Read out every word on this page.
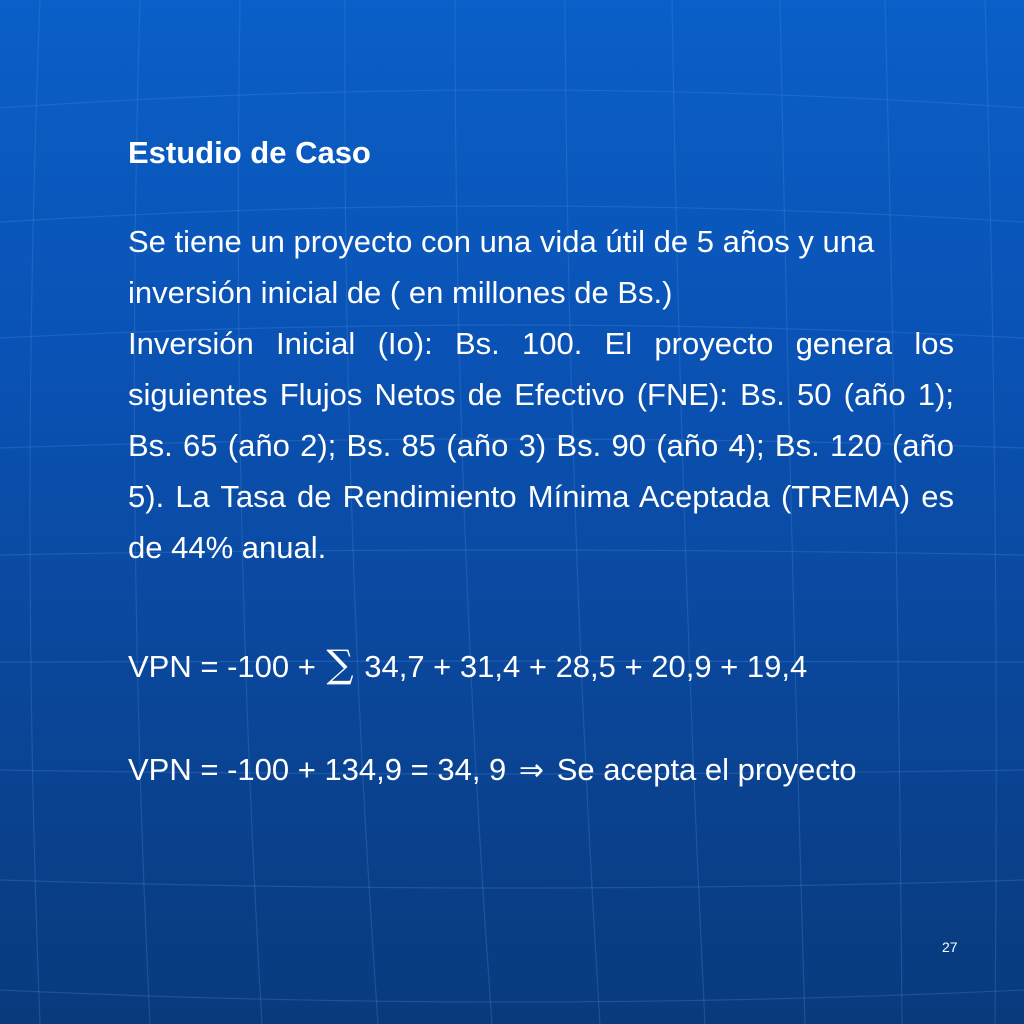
Estudio de Caso
Se tiene un proyecto con una vida útil de 5 años y una
inversión inicial de ( en millones de Bs.)
Inversión Inicial (Io): Bs. 100. El proyecto genera los siguientes Flujos Netos de Efectivo (FNE): Bs. 50 (año 1); Bs. 65 (año 2); Bs. 85 (año 3) Bs. 90 (año 4); Bs. 120 (año 5). La Tasa de Rendimiento Mínima Aceptada (TREMA) es de 44% anual.
VPN = -100 + ∑ 34,7 + 31,4 + 28,5 + 20,9 + 19,4
VPN = -100 + 134,9 = 34, 9 ⇒ Se acepta el proyecto
27
